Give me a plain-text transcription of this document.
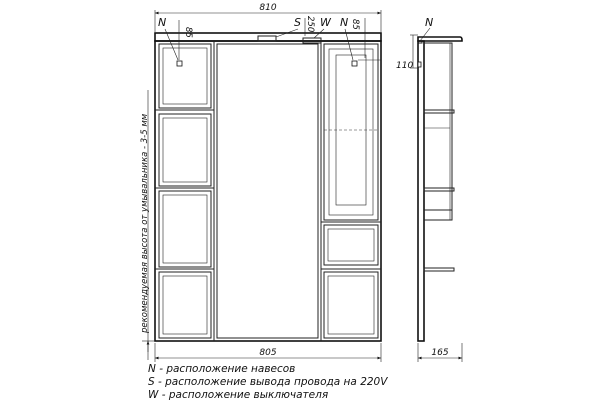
810
N
85
S 250 W N 85
805
рекомендуемая высота от умывальника - 3-5 мм
N
110
165
N - расположение навесов
S - расположение вывода провода на 220V
W - расположение выключателя
